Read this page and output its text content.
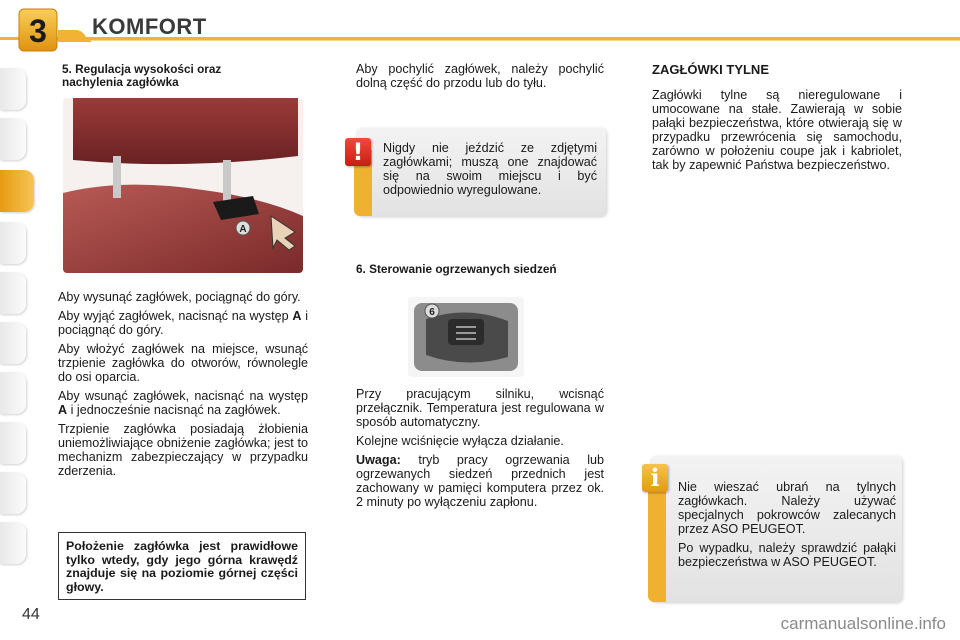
3 KOMFORT
5. Regulacja wysokości oraz nachylenia zagłówka
A

Aby wysunąć zagłówek, pociągnąć do góry.

Aby wyjąć zagłówek, nacisnąć na występ A i pociągnąć do góry.

Aby włożyć zagłówek na miejsce, wsunąć trzpienie zagłówka do otworów, równolegle do osi oparcia.

Aby wsunąć zagłówek, nacisnąć na występ A i jednocześnie nacisnąć na zagłówek.

Trzpienie zagłówka posiadają żłobienia uniemożliwiające obniżenie zagłówka; jest to mechanizm zabezpieczający w przypadku zderzenia.

Położenie zagłówka jest prawidłowe tylko wtedy, gdy jego górna krawędź znajduje się na poziomie górnej części głowy.

Aby pochylić zagłówek, należy pochylić dolną część do przodu lub do tyłu.

!	Nigdy nie jeździć ze zdjętymi zagłówkami; muszą one znajdować się na swoim miejscu i być odpowiednio wyregulowane.

6. Sterowanie ogrzewanych siedzeń
6

Przy pracującym silniku, wcisnąć przełącznik. Temperatura jest regulowana w sposób automatyczny.

Kolejne wciśnięcie wyłącza działanie.

Uwaga: tryb pracy ogrzewania lub ogrzewanych siedzeń przednich jest zachowany w pamięci komputera przez ok. 2 minuty po wyłączeniu zapłonu.

ZAGŁÓWKI TYLNE

Zagłówki tylne są nieregulowane i umocowane na stałe. Zawierają w sobie pałąki bezpieczeństwa, które otwierają się w przypadku przewrócenia się samochodu, zarówno w położeniu coupe jak i kabriolet, tak by zapewnić Państwa bezpieczeństwo.

i	Nie wieszać ubrań na tylnych zagłówkach. Należy używać specjalnych pokrowców zalecanych przez ASO PEUGEOT.

Po wypadku, należy sprawdzić pałąki bezpieczeństwa w ASO PEUGEOT.

44	carmanualsonline.info
